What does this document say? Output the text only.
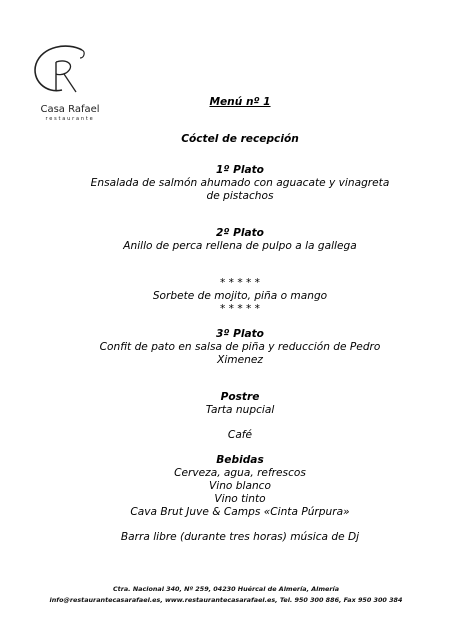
Casa Rafael
restaurante
Menú nº 1
Cóctel de recepción
1º Plato
Ensalada de salmón ahumado con aguacate y vinagreta
de pistachos
2º Plato
Anillo de perca rellena de pulpo a la gallega
* * * * *
Sorbete de mojito, piña o mango
* * * * *
3º Plato
Confit de pato en salsa de piña y reducción de Pedro
Ximenez
Postre
Tarta nupcial
Café
Bebidas
Cerveza, agua, refrescos
Vino blanco
Vino tinto
Cava Brut Juve & Camps «Cinta Púrpura»
Barra libre (durante tres horas) música de Dj
Ctra. Nacional 340, Nº 259, 04230 Huércal de Almería, Almería
info@restaurantecasarafael.es, www.restaurantecasarafael.es, Tel. 950 300 886, Fax 950 300 384
